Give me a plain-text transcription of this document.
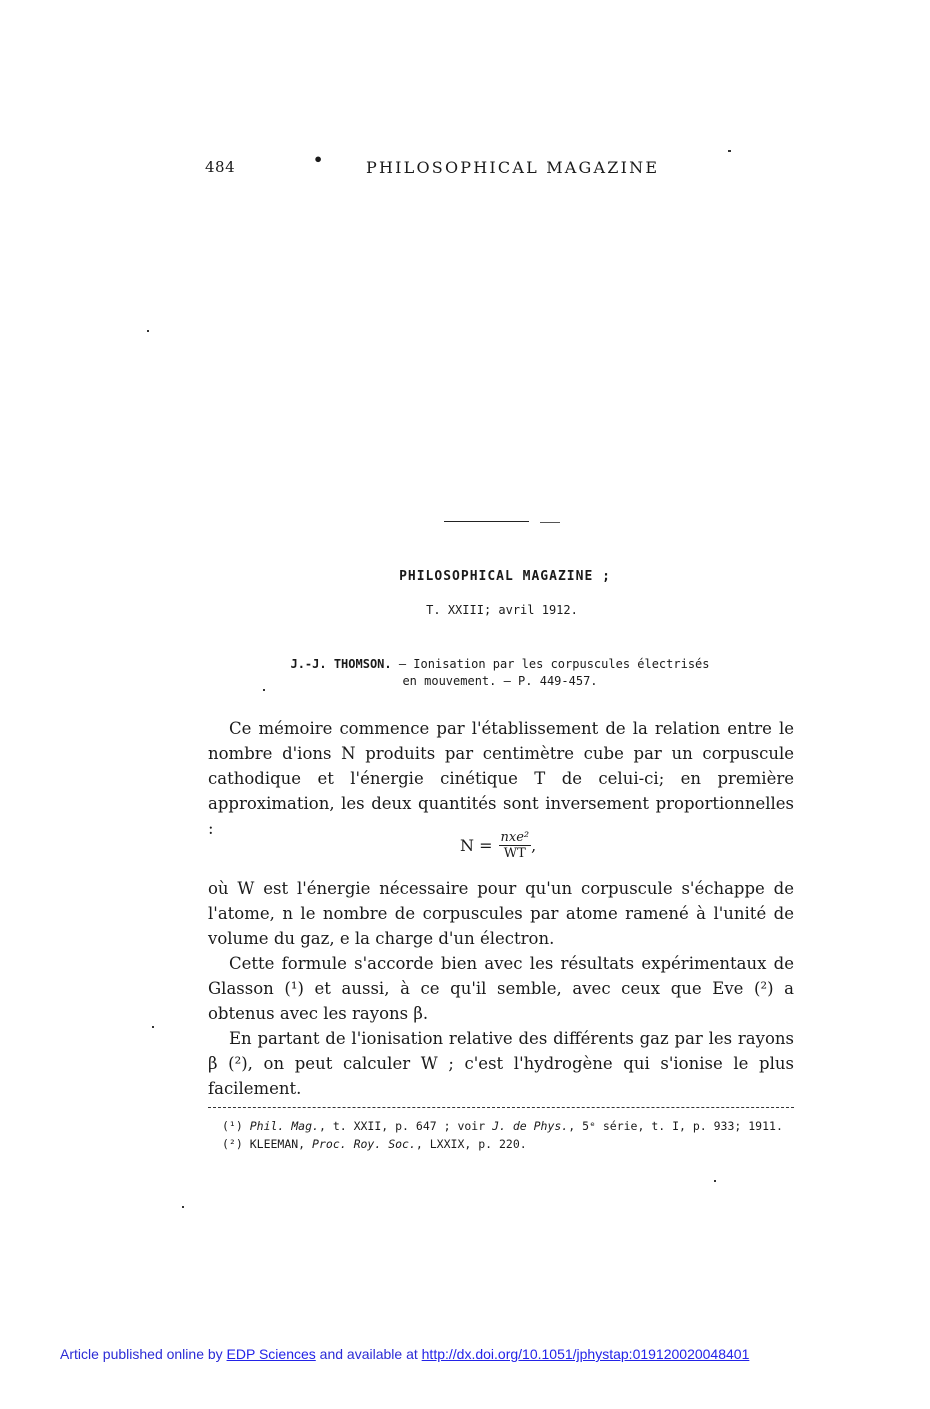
484	•	PHILOSOPHICAL MAGAZINE
PHILOSOPHICAL MAGAZINE ;
T. XXIII; avril 1912.
J.-J. THOMSON. — Ionisation par les corpuscules électrisés
en mouvement. — P. 449-457.

Ce mémoire commence par l'établissement de la relation entre le nombre d'ions N produits par centimètre cube par un corpuscule cathodique et l'énergie cinétique T de celui-ci; en première approximation, les deux quantités sont inversement proportionnelles :

$N = \frac{\text{nxe²}}{WT}$ ,

où W est l'énergie nécessaire pour qu'un corpuscule s'échappe de l'atome, n le nombre de corpuscules par atome ramené à l'unité de volume du gaz, e la charge d'un électron.

Cette formule s'accorde bien avec les résultats expérimentaux de Glasson (¹) et aussi, à ce qu'il semble, avec ceux que Eve (²) a obtenus avec les rayons β.

En partant de l'ionisation relative des différents gaz par les rayons β (²), on peut calculer W ; c'est l'hydrogène qui s'ionise le plus facilement.

(¹) Phil. Mag., t. XXII, p. 647 ; voir J. de Phys., 5ᵉ série, t. I, p. 933; 1911.
(²) KLEEMAN, Proc. Roy. Soc., LXXIX, p. 220.
Article published online by EDP Sciences and available at http://dx.doi.org/10.1051/jphystap:019120020048401
